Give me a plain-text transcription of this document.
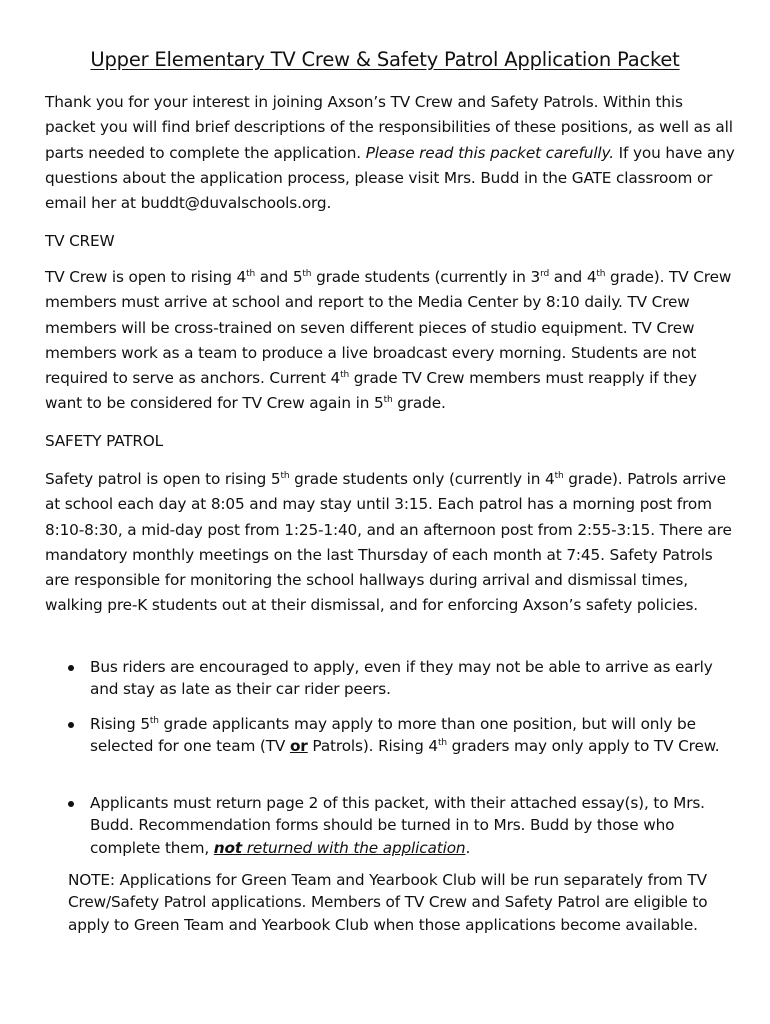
Upper Elementary TV Crew & Safety Patrol Application Packet

Thank you for your interest in joining Axson’s TV Crew and Safety Patrols. Within this packet you will find brief descriptions of the responsibilities of these positions, as well as all parts needed to complete the application. Please read this packet carefully. If you have any questions about the application process, please visit Mrs. Budd in the GATE classroom or email her at buddt@duvalschools.org.

TV CREW

TV Crew is open to rising 4th and 5th grade students (currently in 3rd and 4th grade). TV Crew members must arrive at school and report to the Media Center by 8:10 daily. TV Crew members will be cross-trained on seven different pieces of studio equipment. TV Crew members work as a team to produce a live broadcast every morning. Students are not required to serve as anchors. Current 4th grade TV Crew members must reapply if they want to be considered for TV Crew again in 5th grade.

SAFETY PATROL

Safety patrol is open to rising 5th grade students only (currently in 4th grade). Patrols arrive at school each day at 8:05 and may stay until 3:15. Each patrol has a morning post from 8:10-8:30, a mid-day post from 1:25-1:40, and an afternoon post from 2:55-3:15. There are mandatory monthly meetings on the last Thursday of each month at 7:45. Safety Patrols are responsible for monitoring the school hallways during arrival and dismissal times, walking pre-K students out at their dismissal, and for enforcing Axson’s safety policies.

Bus riders are encouraged to apply, even if they may not be able to arrive as early and stay as late as their car rider peers.
Rising 5th grade applicants may apply to more than one position, but will only be selected for one team (TV or Patrols). Rising 4th graders may only apply to TV Crew.
Applicants must return page 2 of this packet, with their attached essay(s), to Mrs. Budd. Recommendation forms should be turned in to Mrs. Budd by those who complete them, not returned with the application.

NOTE: Applications for Green Team and Yearbook Club will be run separately from TV Crew/Safety Patrol applications. Members of TV Crew and Safety Patrol are eligible to apply to Green Team and Yearbook Club when those applications become available.
